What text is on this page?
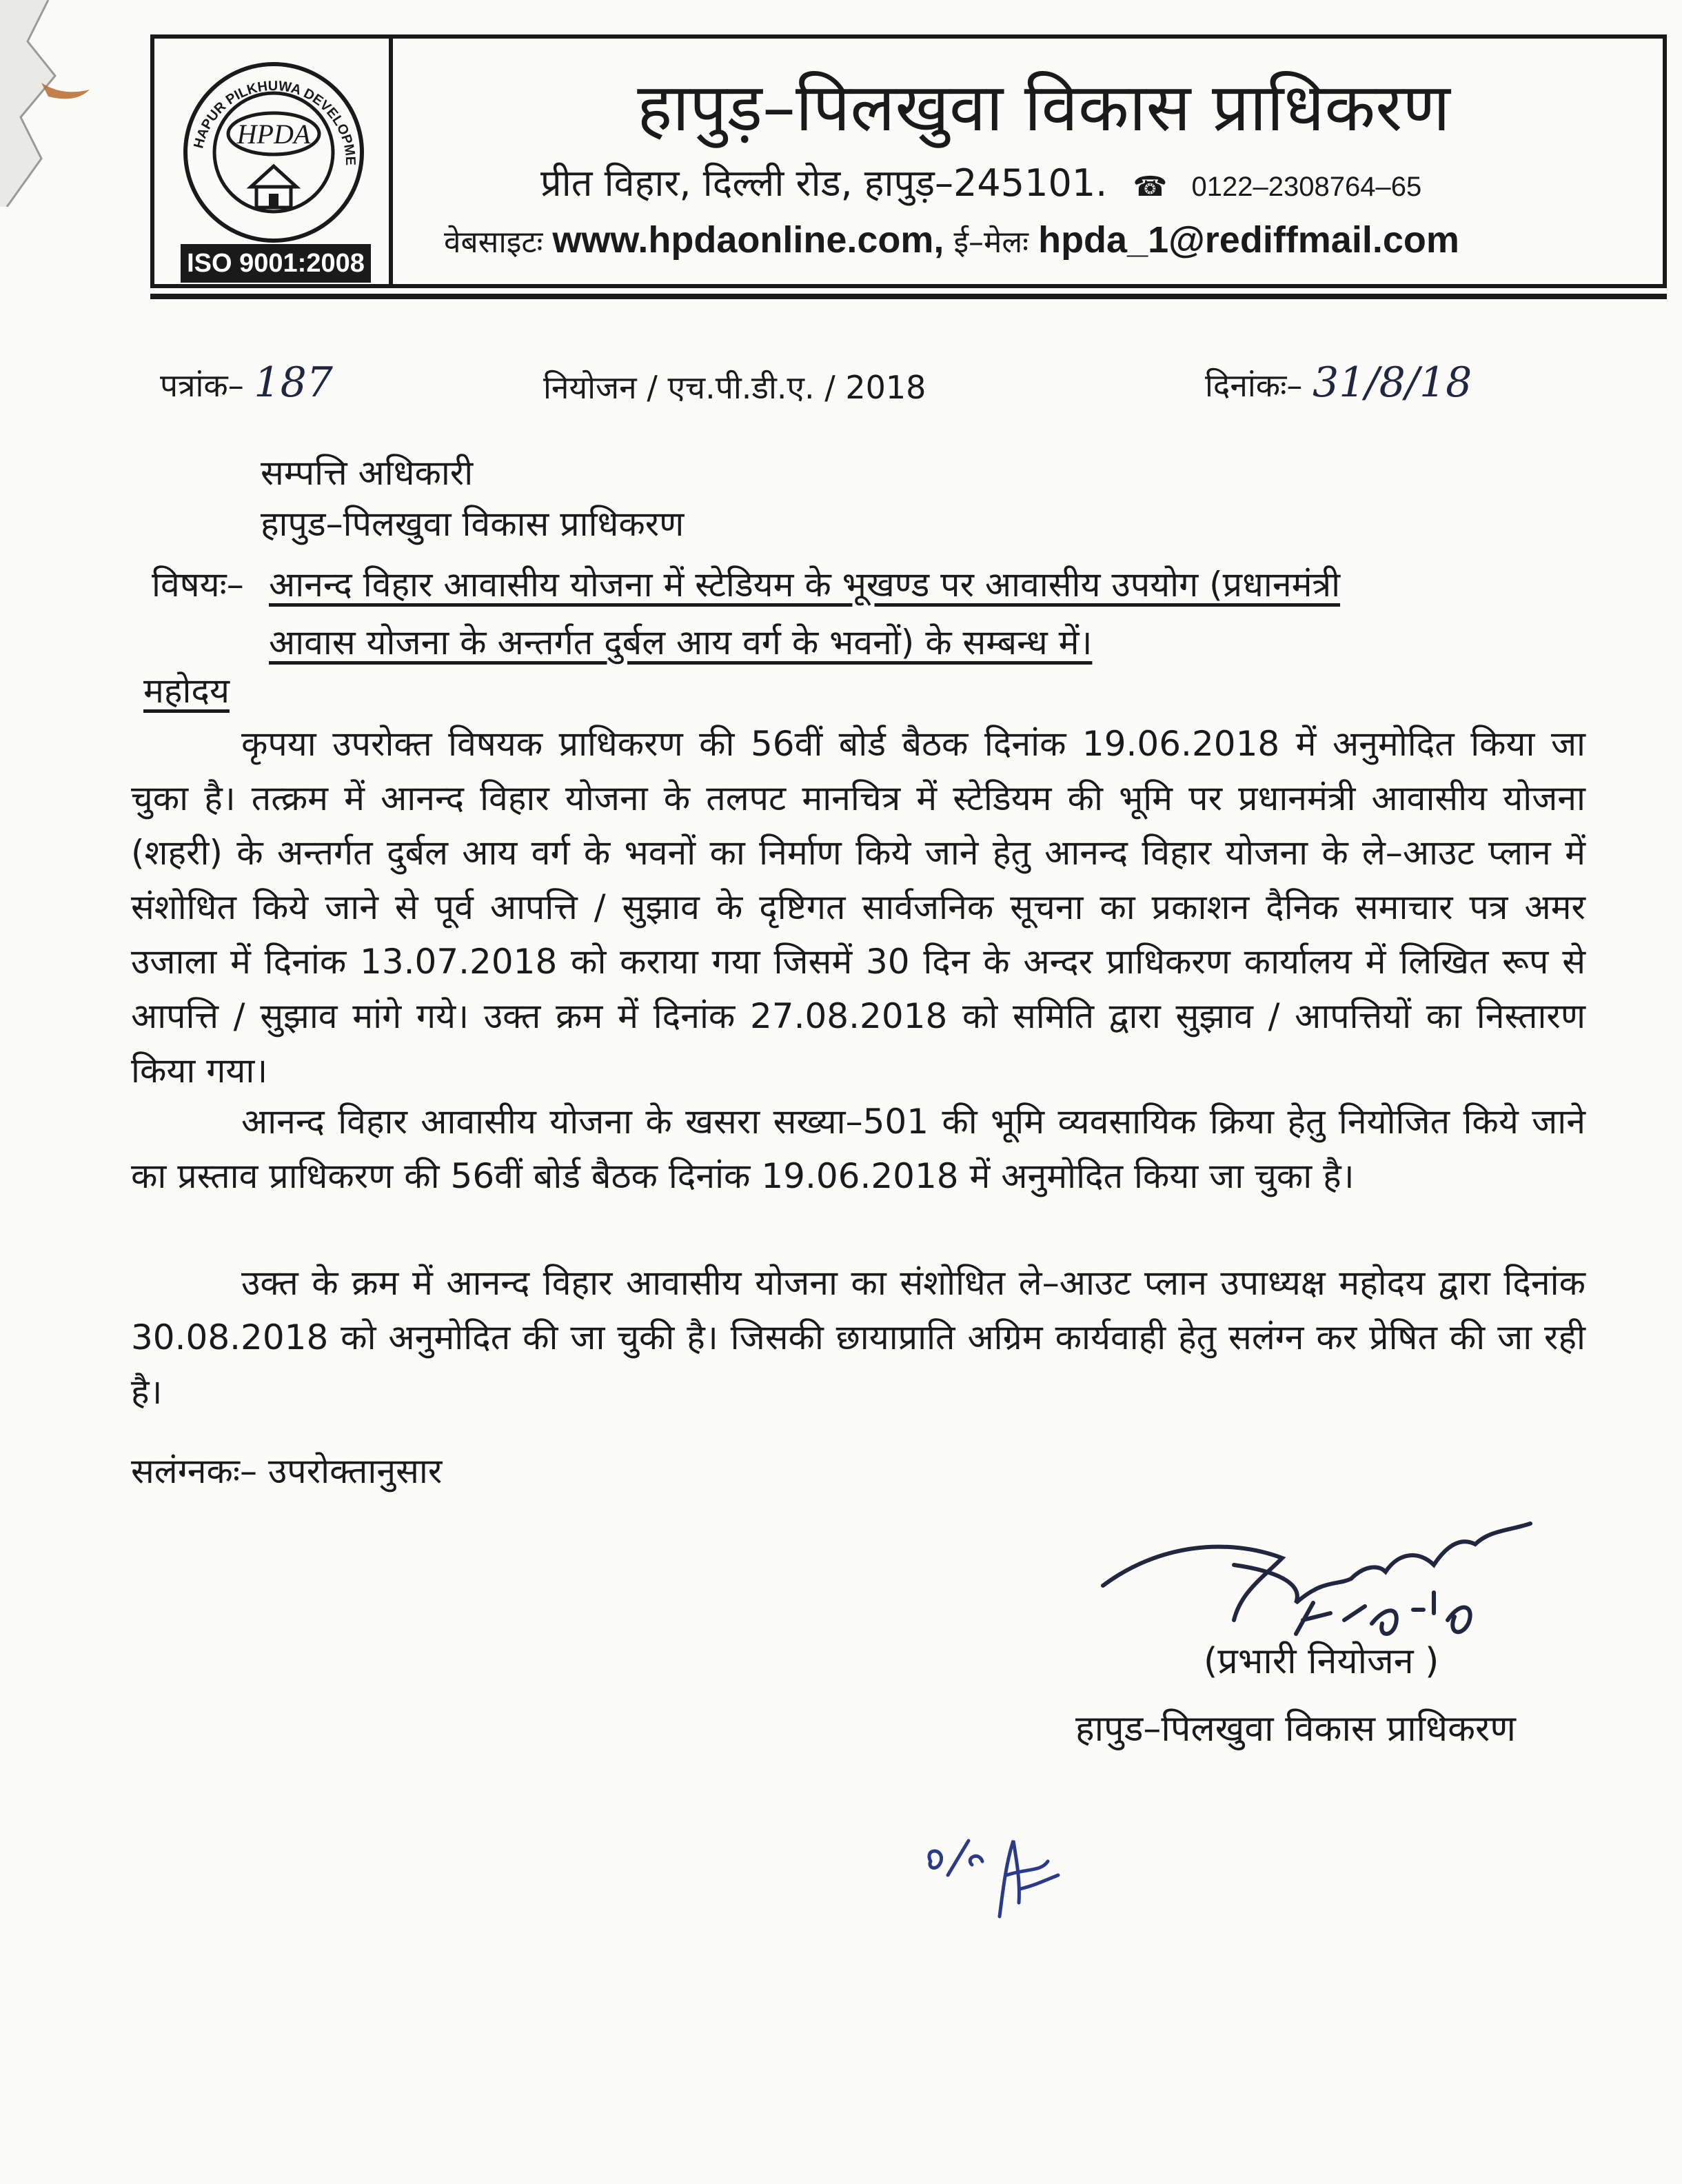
HAPUR PILKHUWA DEVELOPME
HPDA
ISO 9001:2008
हापुड़–पिलखुवा विकास प्राधिकरण
प्रीत विहार, दिल्ली रोड, हापुड़–245101. ☎ 0122–2308764–65
वेबसाइटः www.hpdaonline.com, ई–मेलः hpda_1@rediffmail.com
पत्रांक– 187	नियोजन / एच.पी.डी.ए. / 2018	दिनांकः– 31/8/18
सम्पत्ति अधिकारी
हापुड–पिलखुवा विकास प्राधिकरण
विषयः– आनन्द विहार आवासीय योजना में स्टेडियम के भूखण्ड पर आवासीय उपयोग (प्रधानमंत्री
आवास योजना के अन्तर्गत दुर्बल आय वर्ग के भवनों) के सम्बन्ध में।
महोदय
कृपया उपरोक्त विषयक प्राधिकरण की 56वीं बोर्ड बैठक दिनांक 19.06.2018 में अनुमोदित किया जा चुका है। तत्क्रम में आनन्द विहार योजना के तलपट मानचित्र में स्टेडियम की भूमि पर प्रधानमंत्री आवासीय योजना (शहरी) के अन्तर्गत दुर्बल आय वर्ग के भवनों का निर्माण किये जाने हेतु आनन्द विहार योजना के ले–आउट प्लान में संशोधित किये जाने से पूर्व आपत्ति / सुझाव के दृष्टिगत सार्वजनिक सूचना का प्रकाशन दैनिक समाचार पत्र अमर उजाला में दिनांक 13.07.2018 को कराया गया जिसमें 30 दिन के अन्दर प्राधिकरण कार्यालय में लिखित रूप से आपत्ति / सुझाव मांगे गये। उक्त क्रम में दिनांक 27.08.2018 को समिति द्वारा सुझाव / आपत्तियों का निस्तारण किया गया।
आनन्द विहार आवासीय योजना के खसरा सख्या–501 की भूमि व्यवसायिक क्रिया हेतु नियोजित किये जाने का प्रस्ताव प्राधिकरण की 56वीं बोर्ड बैठक दिनांक 19.06.2018 में अनुमोदित किया जा चुका है।
उक्त के क्रम में आनन्द विहार आवासीय योजना का संशोधित ले–आउट प्लान उपाध्यक्ष महोदय द्वारा दिनांक 30.08.2018 को अनुमोदित की जा चुकी है। जिसकी छायाप्राति अग्रिम कार्यवाही हेतु सलंग्न कर प्रेषित की जा रही है।
सलंग्नकः– उपरोक्तानुसार
(प्रभारी नियोजन )
हापुड–पिलखुवा विकास प्राधिकरण
